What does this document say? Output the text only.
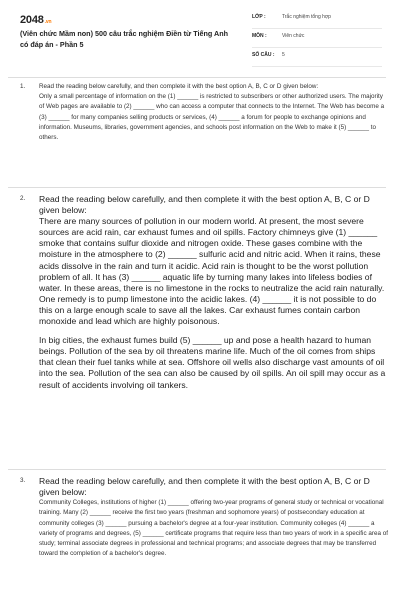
2048.vn
(Viên chức Mầm non) 500 câu trắc nghiệm Điền từ Tiếng Anh có đáp án - Phần 5
LỚP :	Trắc nghiệm tổng hợp
MÔN :	Viên chức
SỐ CÂU :	5
1. Read the reading below carefully, and then complete it with the best option A, B, C or D given below:
Only a small percentage of information on the (1) ______ is restricted to subscribers or other authorized users. The majority of Web pages are available to (2) ______ who can access a computer that connects to the Internet. The Web has become a (3) ______ for many companies selling products or services, (4) ______ a forum for people to exchange opinions and information. Museums, libraries, government agencies, and schools post information on the Web to make it (5) ______ to others.
2. Read the reading below carefully, and then complete it with the best option A, B, C or D given below:
There are many sources of pollution in our modern world. At present, the most severe sources are acid rain, car exhaust fumes and oil spills. Factory chimneys give (1) ______ smoke that contains sulfur dioxide and nitrogen oxide. These gases combine with the moisture in the atmosphere to (2) ______ sulfuric acid and nitric acid. When it rains, these acids dissolve in the rain and turn it acidic. Acid rain is thought to be the worst pollution problem of all. It has (3) ______ aquatic life by turning many lakes into lifeless bodies of water. In these areas, there is no limestone in the rocks to neutralize the acid rain naturally. One remedy is to pump limestone into the acidic lakes. (4) ______ it is not possible to do this on a large enough scale to save all the lakes. Car exhaust fumes contain carbon monoxide and lead which are highly poisonous.
In big cities, the exhaust fumes build (5) ______ up and pose a health hazard to human beings. Pollution of the sea by oil threatens marine life. Much of the oil comes from ships that clean their fuel tanks while at sea. Offshore oil wells also discharge vast amounts of oil into the sea. Pollution of the sea can also be caused by oil spills. An oil spill may occur as a result of accidents involving oil tankers.
3. Read the reading below carefully, and then complete it with the best option A, B, C or D given below:
Community Colleges, institutions of higher (1) ______ offering two-year programs of general study or technical or vocational training. Many (2) ______ receive the first two years (freshman and sophomore years) of postsecondary education at community colleges (3) ______ pursuing a bachelor's degree at a four-year institution. Community colleges (4) ______ a variety of programs and degrees, (5) ______ certificate programs that require less than two years of work in a specific area of study; terminal associate degrees in professional and technical programs; and associate degrees that may be transferred toward the completion of a bachelor's degree.
